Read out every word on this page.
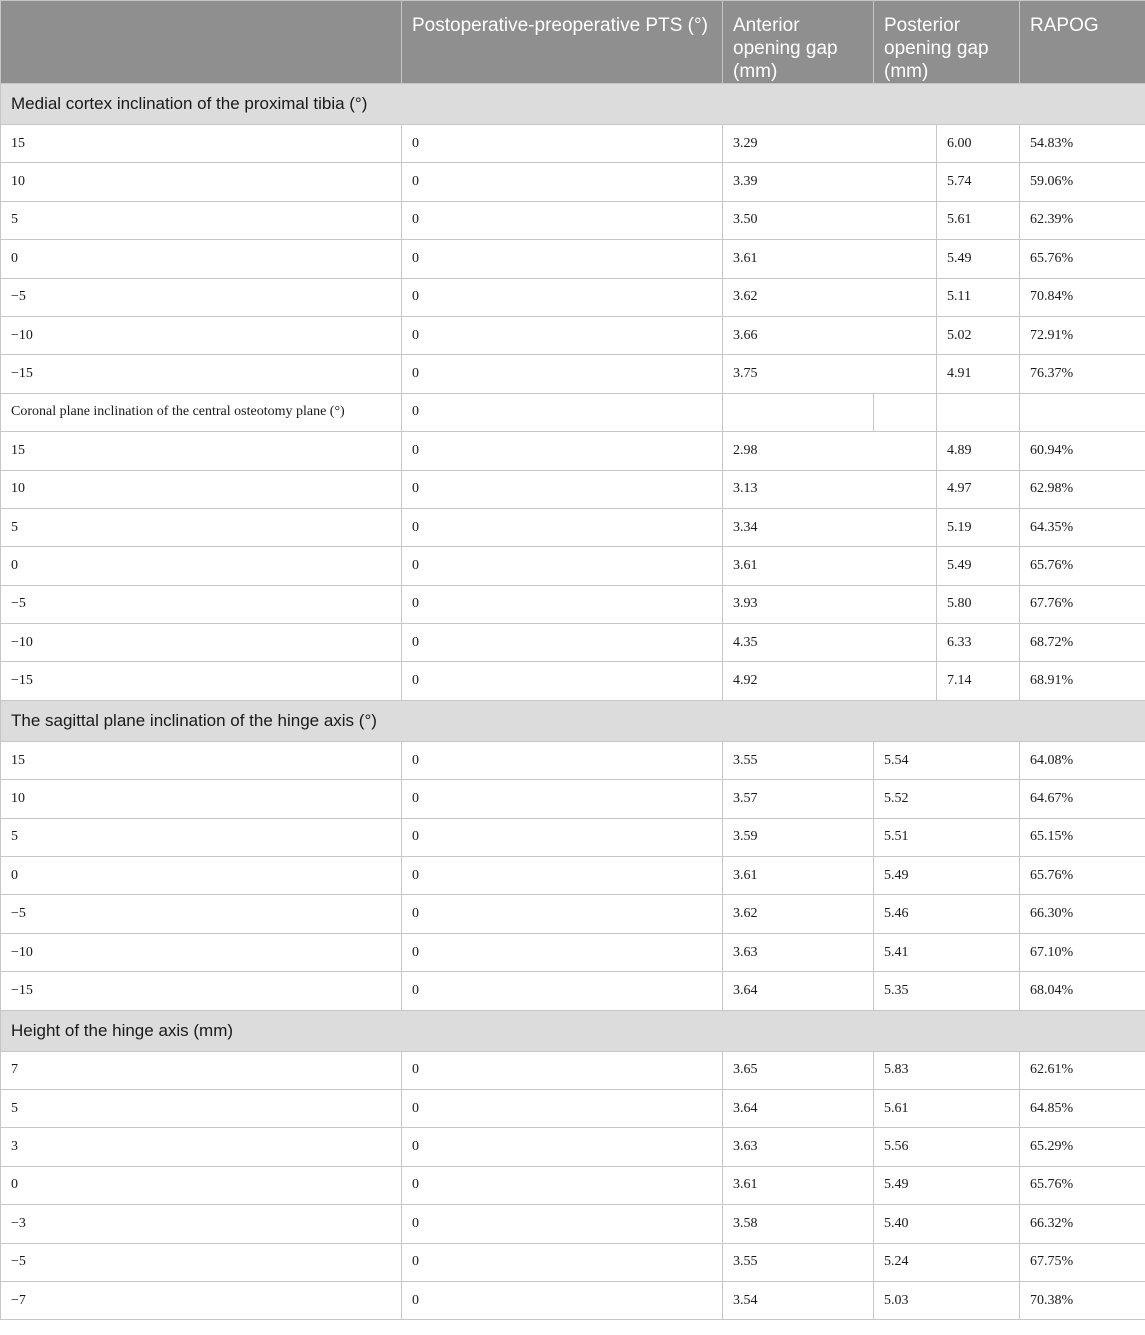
	Postoperative-preoperative PTS (°)	Anterior opening gap (mm)	Posterior opening gap (mm)		RAPOG
Medial cortex inclination of the proximal tibia (°)					
15	0	3.29		6.00	54.83%
10	0	3.39		5.74	59.06%
5	0	3.50		5.61	62.39%
0	0	3.61		5.49	65.76%
−5	0	3.62		5.11	70.84%
−10	0	3.66		5.02	72.91%
−15	0	3.75		4.91	76.37%
Coronal plane inclination of the central osteotomy plane (°)	0				
15	0	2.98		4.89	60.94%
10	0	3.13		4.97	62.98%
5	0	3.34		5.19	64.35%
0	0	3.61		5.49	65.76%
−5	0	3.93		5.80	67.76%
−10	0	4.35		6.33	68.72%
−15	0	4.92		7.14	68.91%
The sagittal plane inclination of the hinge axis (°)					
15	0	3.55	5.54		64.08%
10	0	3.57	5.52		64.67%
5	0	3.59	5.51		65.15%
0	0	3.61	5.49		65.76%
−5	0	3.62	5.46		66.30%
−10	0	3.63	5.41		67.10%
−15	0	3.64	5.35		68.04%
Height of the hinge axis (mm)					
7	0	3.65	5.83		62.61%
5	0	3.64	5.61		64.85%
3	0	3.63	5.56		65.29%
0	0	3.61	5.49		65.76%
−3	0	3.58	5.40		66.32%
−5	0	3.55	5.24		67.75%
−7	0	3.54	5.03		70.38%
